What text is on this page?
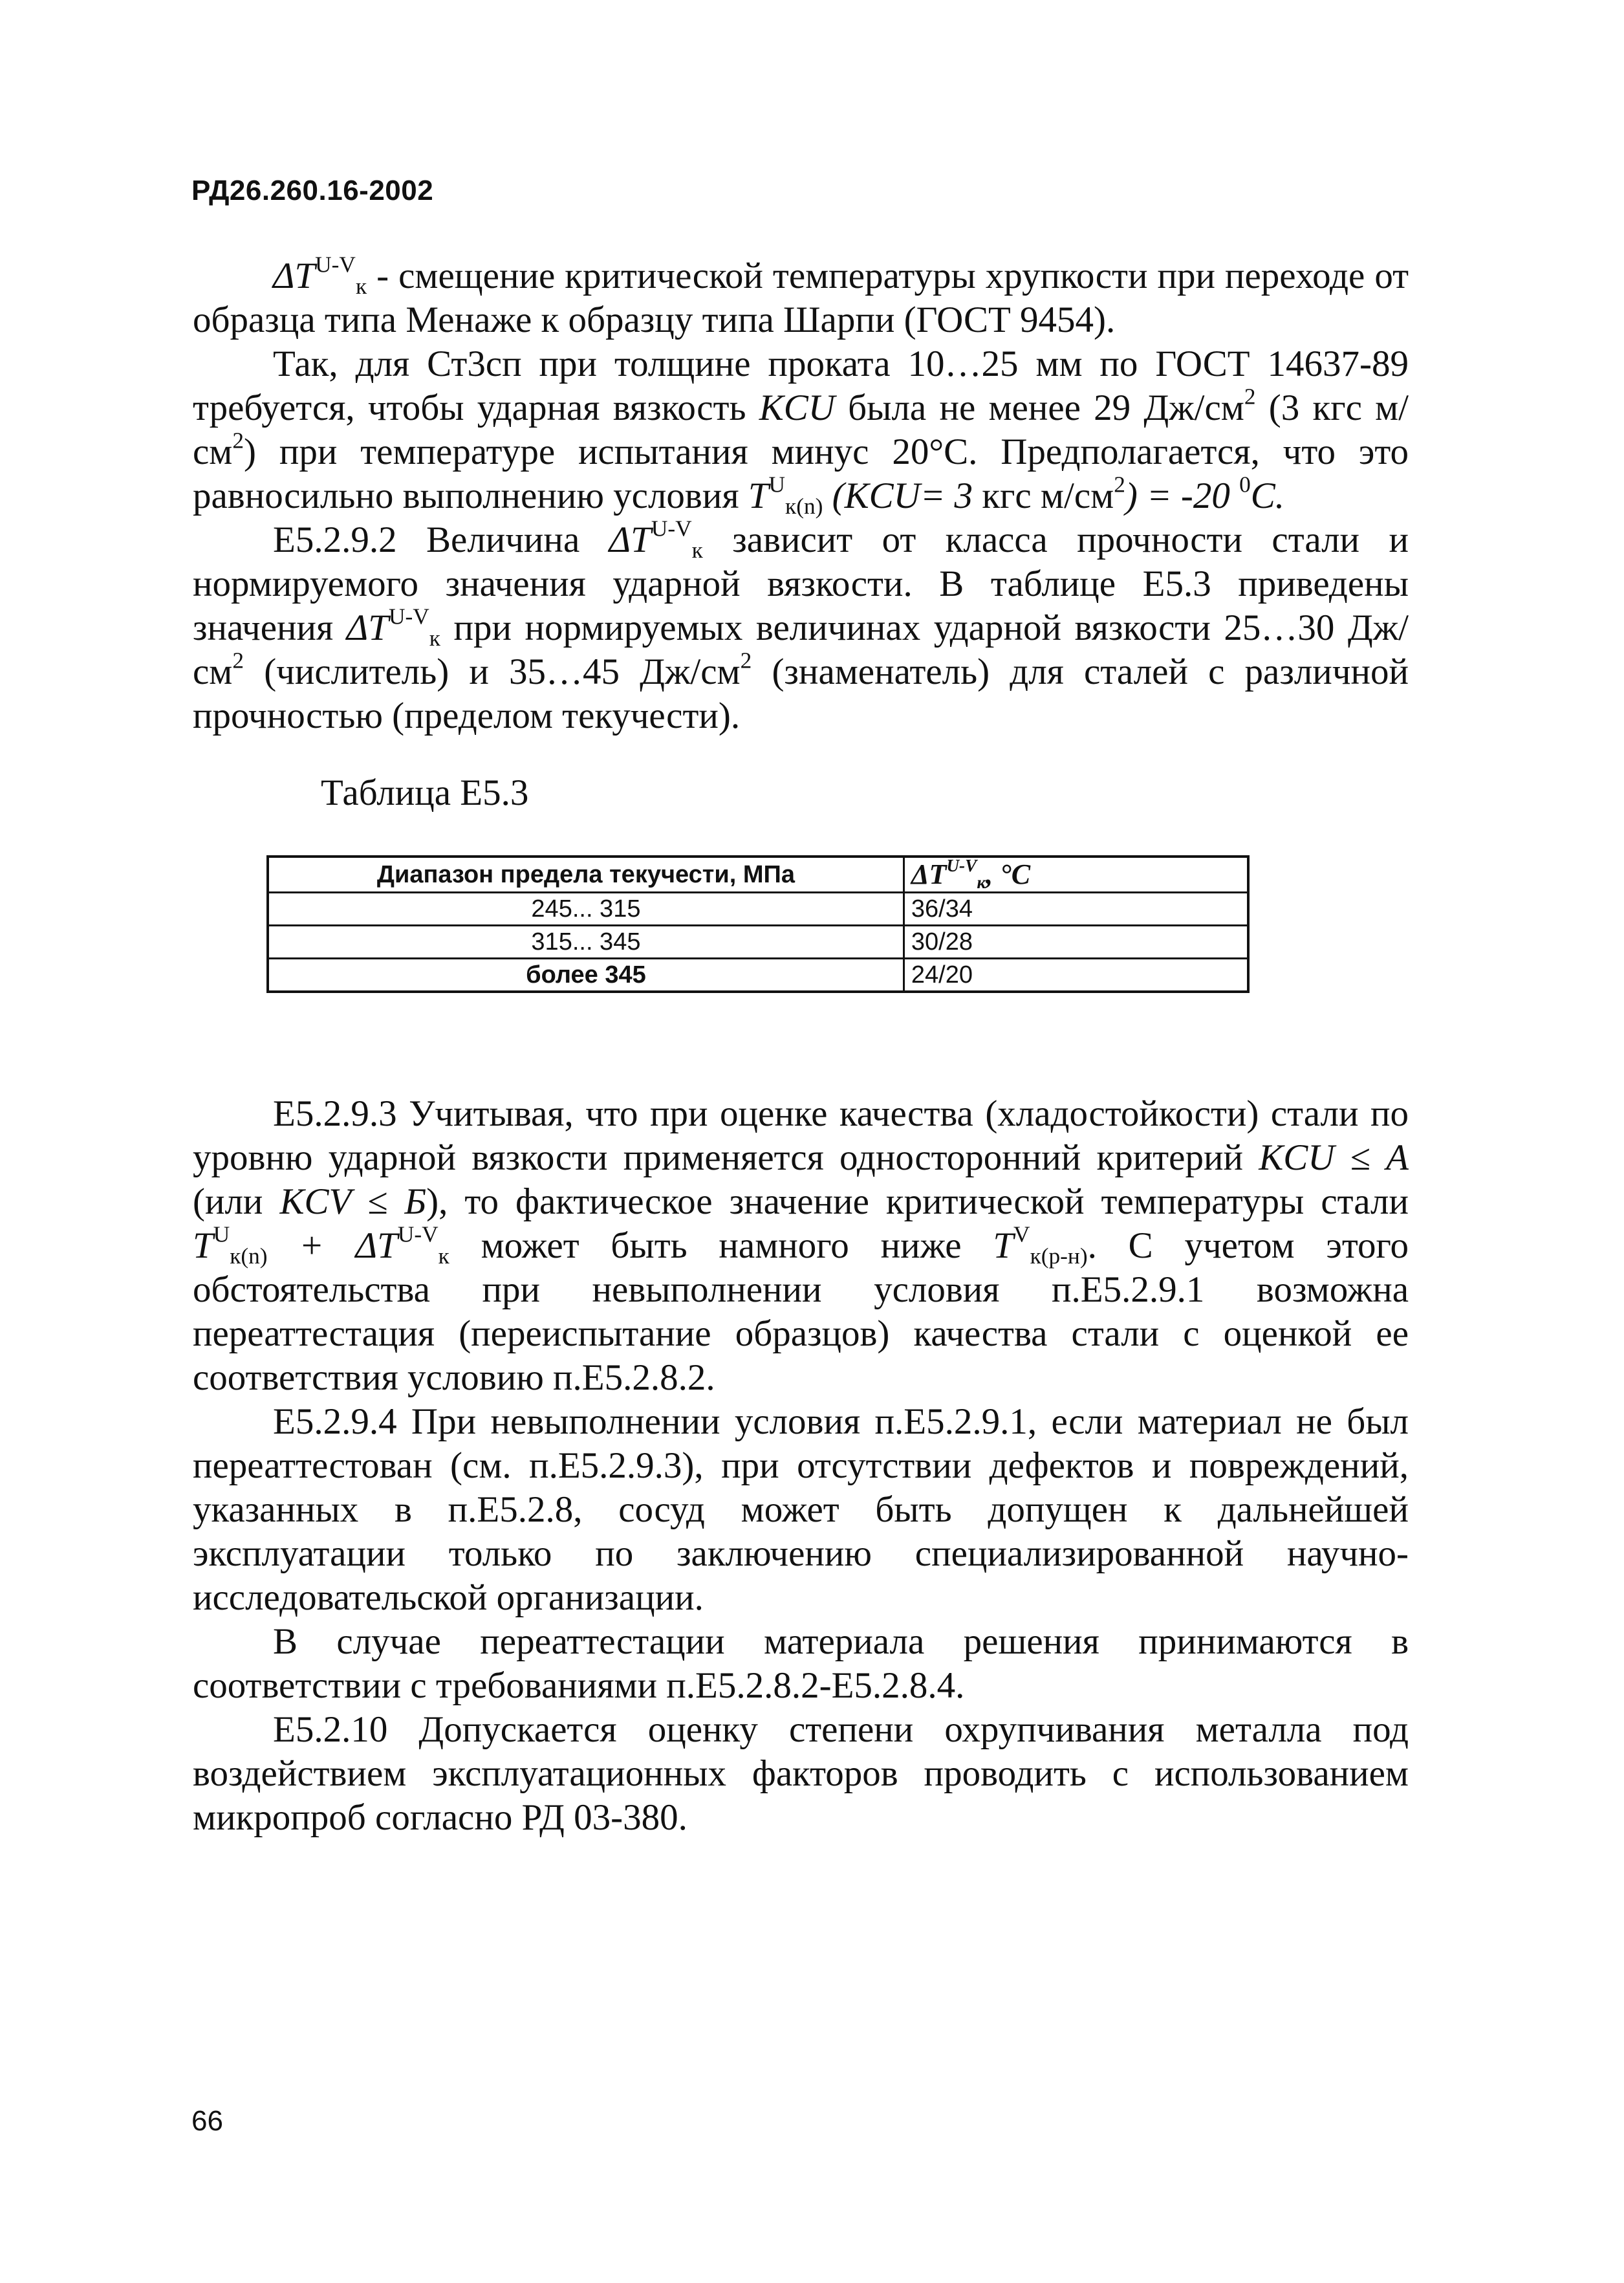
РД26.260.16-2002

$\Delta T^{U-V}_к$ - смещение критической температуры хрупкости при переходе от образца типа Менаже к образцу типа Шарпи (ГОСТ 9454).

Так, для Ст3сп при толщине проката 10…25 мм по ГОСТ 14637-89 требуется, чтобы ударная вязкость KCU была не менее 29 $Дж/см^2$ (3 кгс $м/см^2$) при температуре испытания минус 20°С. Предполагается, что это равносильно выполнению условия $T^U_{к(n)}$ (KCU= 3 кгс $м/см^2) = -20$ $^0$C.

Е5.2.9.2 Величина $\Delta T^{U-V}_к$ зависит от класса прочности стали и нормируемого значения ударной вязкости. В таблице Е5.3 приведены значения $\Delta T^{U-V}_к$ при нормируемых величинах ударной вязкости 25…30 $Дж/см^2$ (числитель) и 35…45 $Дж/см^2$ (знаменатель) для сталей с различной прочностью (пределом текучести).

Таблица Е5.3
Диапазон предела текучести, МПа	$\Delta T^{U-V}_к$, °C
245... 315	36/34
315... 345	30/28
более 345	24/20

Е5.2.9.3 Учитывая, что при оценке качества (хладостойкости) стали по уровню ударной вязкости применяется односторонний критерий KCU ≤ А (или KCV ≤ Б), то фактическое значение критической температуры стали $T^U_{к(n)} + \Delta T^{U-V}_к$ может быть намного ниже $T^V_{к(р-н)}$. С учетом этого обстоятельства при невыполнении условия п.Е5.2.9.1 возможна переаттестация (переиспытание образцов) качества стали с оценкой ее соответствия условию п.Е5.2.8.2.

Е5.2.9.4 При невыполнении условия п.Е5.2.9.1, если материал не был переаттестован (см. п.Е5.2.9.3), при отсутствии дефектов и повреждений, указанных в п.Е5.2.8, сосуд может быть допущен к дальнейшей эксплуатации только по заключению специализированной научно-исследовательской организации.

В случае переаттестации материала решения принимаются в соответствии с требованиями п.Е5.2.8.2-Е5.2.8.4.

Е5.2.10 Допускается оценку степени охрупчивания металла под воздействием эксплуатационных факторов проводить с использованием микропроб согласно РД 03-380.

66
